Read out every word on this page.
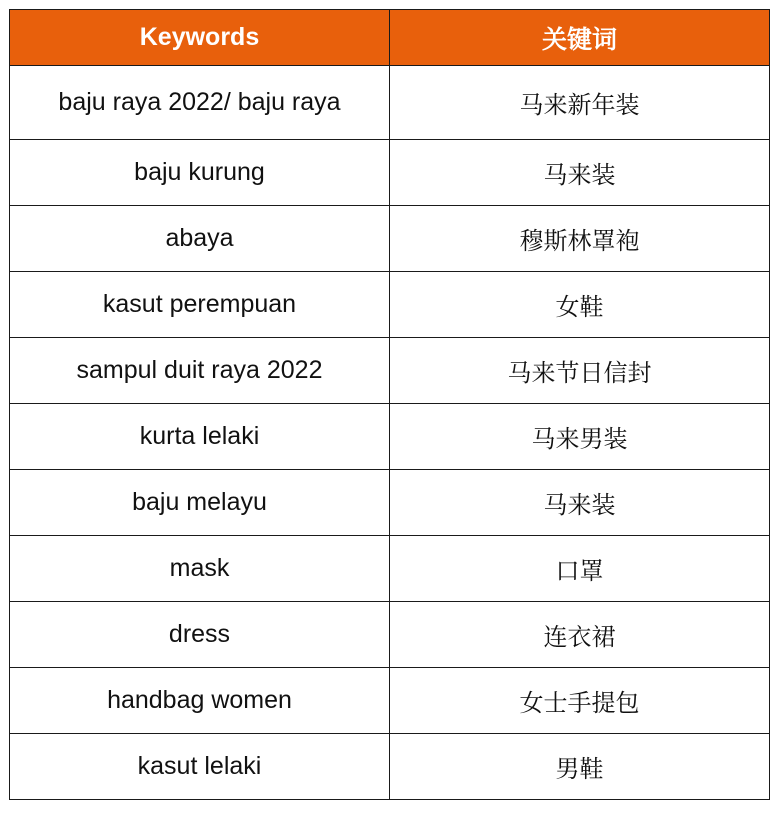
Keywords	关键词
baju raya 2022/ baju raya	马来新年装
baju kurung	马来装
abaya	穆斯林罩袍
kasut perempuan	女鞋
sampul duit raya 2022	马来节日信封
kurta lelaki	马来男装
baju melayu	马来装
mask	口罩
dress	连衣裙
handbag women	女士手提包
kasut lelaki	男鞋
